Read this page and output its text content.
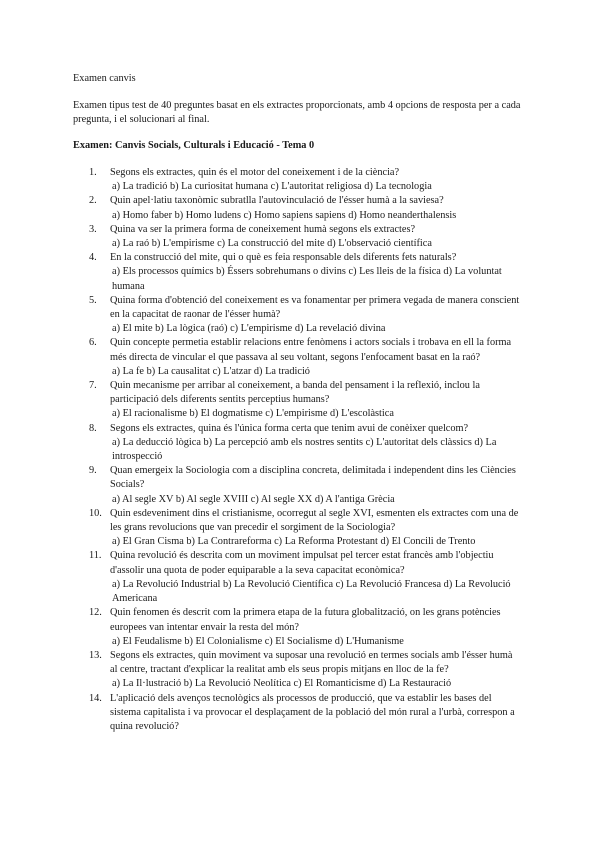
Examen canvis

Examen tipus test de 40 preguntes basat en els extractes proporcionats, amb 4 opcions de resposta per a cada pregunta, i el solucionari al final.

Examen: Canvis Socials, Culturals i Educació - Tema 0
1.	Segons els extractes, quin és el motor del coneixement i de la ciència?
a) La tradició b) La curiositat humana c) L'autoritat religiosa d) La tecnologia
2.	Quin apel·latiu taxonòmic subratlla l'autovinculació de l'ésser humà a la saviesa?
a) Homo faber b) Homo ludens c) Homo sapiens sapiens d) Homo neanderthalensis
3.	Quina va ser la primera forma de coneixement humà segons els extractes?
a) La raó b) L'empirisme c) La construcció del mite d) L'observació científica
4.	En la construcció del mite, qui o què es feia responsable dels diferents fets naturals?
a) Els processos químics b) Éssers sobrehumans o divins c) Les lleis de la física d) La voluntat humana
5.	Quina forma d'obtenció del coneixement es va fonamentar per primera vegada de manera conscient en la capacitat de raonar de l'ésser humà?
a) El mite b) La lògica (raó) c) L'empirisme d) La revelació divina
6.	Quin concepte permetia establir relacions entre fenòmens i actors socials i trobava en ell la forma més directa de vincular el que passava al seu voltant, segons l'enfocament basat en la raó?
a) La fe b) La causalitat c) L'atzar d) La tradició
7.	Quin mecanisme per arribar al coneixement, a banda del pensament i la reflexió, inclou la participació dels diferents sentits perceptius humans?
a) El racionalisme b) El dogmatisme c) L'empirisme d) L'escolàstica
8.	Segons els extractes, quina és l'única forma certa que tenim avui de conèixer quelcom?
a) La deducció lògica b) La percepció amb els nostres sentits c) L'autoritat dels clàssics d) La introspecció
9.	Quan emergeix la Sociologia com a disciplina concreta, delimitada i independent dins les Ciències Socials?
a) Al segle XV b) Al segle XVIII c) Al segle XX d) A l'antiga Grècia
10. Quin esdeveniment dins el cristianisme, ocorregut al segle XVI, esmenten els extractes com una de les grans revolucions que van precedir el sorgiment de la Sociologia?
a) El Gran Cisma b) La Contrareforma c) La Reforma Protestant d) El Concili de Trento
11. Quina revolució és descrita com un moviment impulsat pel tercer estat francès amb l'objectiu d'assolir una quota de poder equiparable a la seva capacitat econòmica?
a) La Revolució Industrial b) La Revolució Científica c) La Revolució Francesa d) La Revolució Americana
12. Quin fenomen és descrit com la primera etapa de la futura globalització, on les grans potències europees van intentar envair la resta del món?
a) El Feudalisme b) El Colonialisme c) El Socialisme d) L'Humanisme
13. Segons els extractes, quin moviment va suposar una revolució en termes socials amb l'ésser humà al centre, tractant d'explicar la realitat amb els seus propis mitjans en lloc de la fe?
a) La Il·lustració b) La Revolució Neolítica c) El Romanticisme d) La Restauració
14. L'aplicació dels avenços tecnològics als processos de producció, que va establir les bases del sistema capitalista i va provocar el desplaçament de la població del món rural a l'urbà, correspon a quina revolució?
